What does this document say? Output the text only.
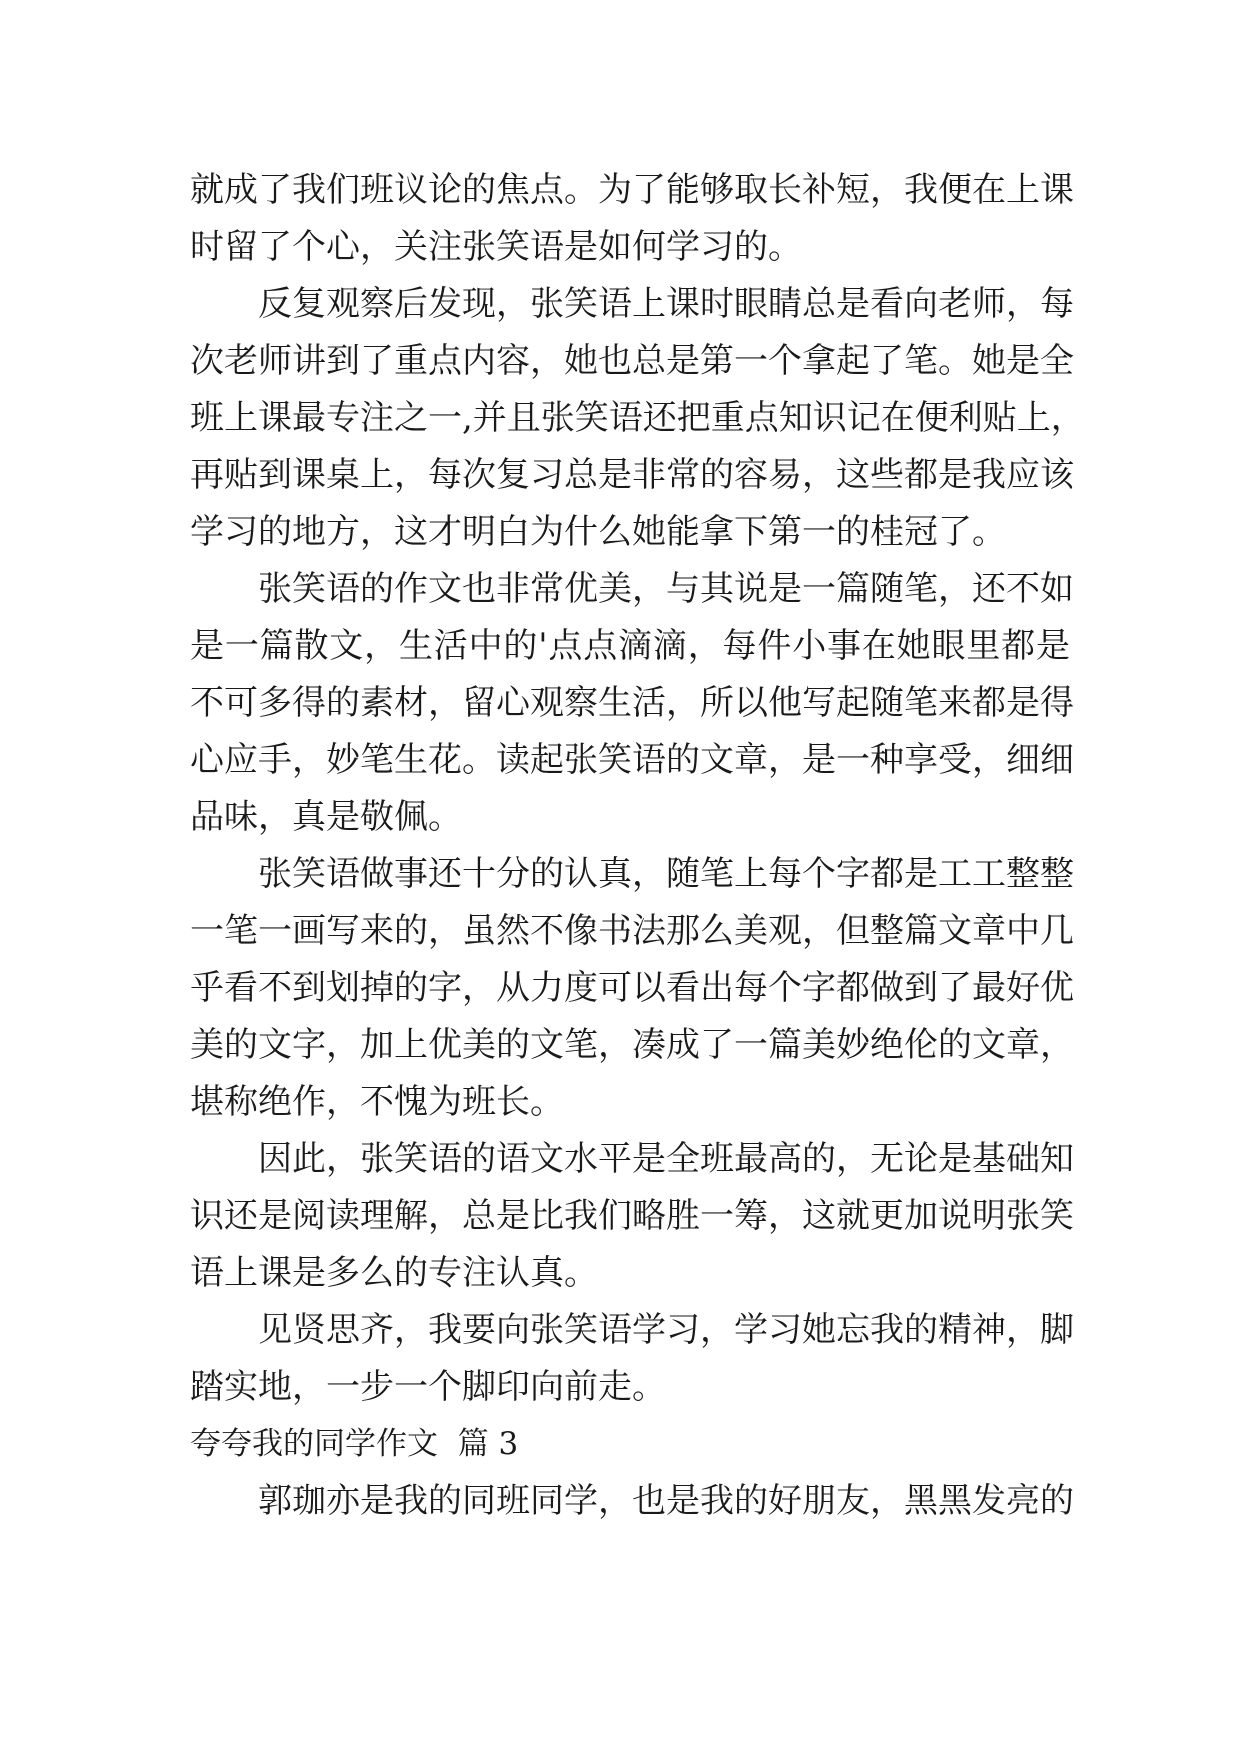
就成了我们班议论的焦点。为了能够取长补短，我便在上课
时留了个心，关注张笑语是如何学习的。
反复观察后发现，张笑语上课时眼睛总是看向老师，每
次老师讲到了重点内容，她也总是第一个拿起了笔。她是全
班上课最专注之一,并且张笑语还把重点知识记在便利贴上，
再贴到课桌上，每次复习总是非常的容易，这些都是我应该
学习的地方，这才明白为什么她能拿下第一的桂冠了。
张笑语的作文也非常优美，与其说是一篇随笔，还不如
是一篇散文，生活中的'点点滴滴，每件小事在她眼里都是
不可多得的素材，留心观察生活，所以他写起随笔来都是得
心应手，妙笔生花。读起张笑语的文章，是一种享受，细细
品味，真是敬佩。
张笑语做事还十分的认真，随笔上每个字都是工工整整
一笔一画写来的，虽然不像书法那么美观，但整篇文章中几
乎看不到划掉的字，从力度可以看出每个字都做到了最好优
美的文字，加上优美的文笔，凑成了一篇美妙绝伦的文章，
堪称绝作，不愧为班长。
因此，张笑语的语文水平是全班最高的，无论是基础知
识还是阅读理解，总是比我们略胜一筹，这就更加说明张笑
语上课是多么的专注认真。
见贤思齐，我要向张笑语学习，学习她忘我的精神，脚
踏实地，一步一个脚印向前走。
夸夸我的同学作文  篇 3
郭珈亦是我的同班同学，也是我的好朋友，黑黑发亮的
